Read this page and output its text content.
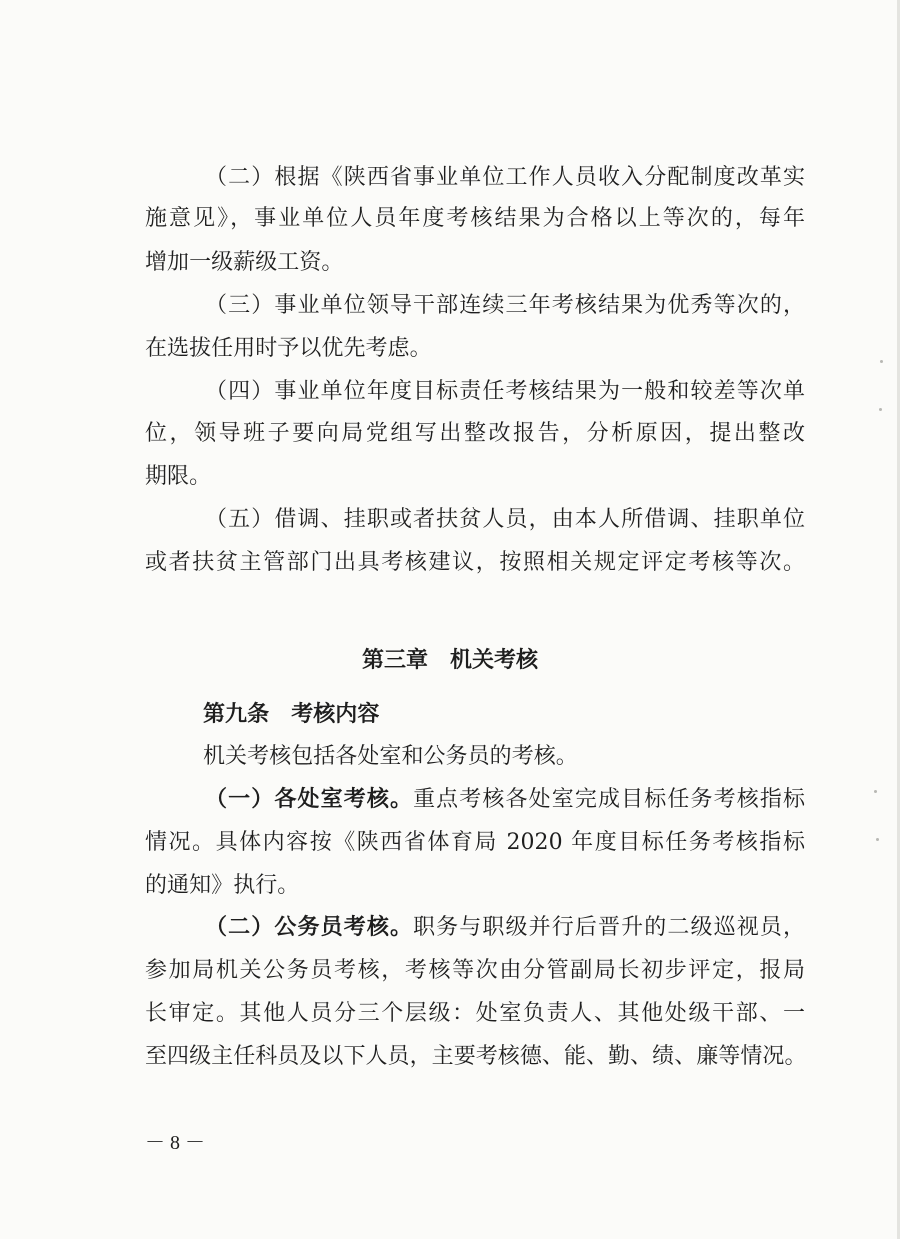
（二）根据《陕西省事业单位工作人员收入分配制度改革实
施意见》，事业单位人员年度考核结果为合格以上等次的，每年
增加一级薪级工资。
（三）事业单位领导干部连续三年考核结果为优秀等次的，
在选拔任用时予以优先考虑。
（四）事业单位年度目标责任考核结果为一般和较差等次单
位，领导班子要向局党组写出整改报告，分析原因，提出整改
期限。
（五）借调、挂职或者扶贫人员，由本人所借调、挂职单位
或者扶贫主管部门出具考核建议，按照相关规定评定考核等次。
第三章　机关考核
第九条　考核内容
机关考核包括各处室和公务员的考核。
（一）各处室考核。重点考核各处室完成目标任务考核指标
情况。具体内容按《陕西省体育局 2020 年度目标任务考核指标
的通知》执行。
（二）公务员考核。职务与职级并行后晋升的二级巡视员，
参加局机关公务员考核，考核等次由分管副局长初步评定，报局
长审定。其他人员分三个层级：处室负责人、其他处级干部、一
至四级主任科员及以下人员，主要考核德、能、勤、绩、廉等情况。
－ 8 －
